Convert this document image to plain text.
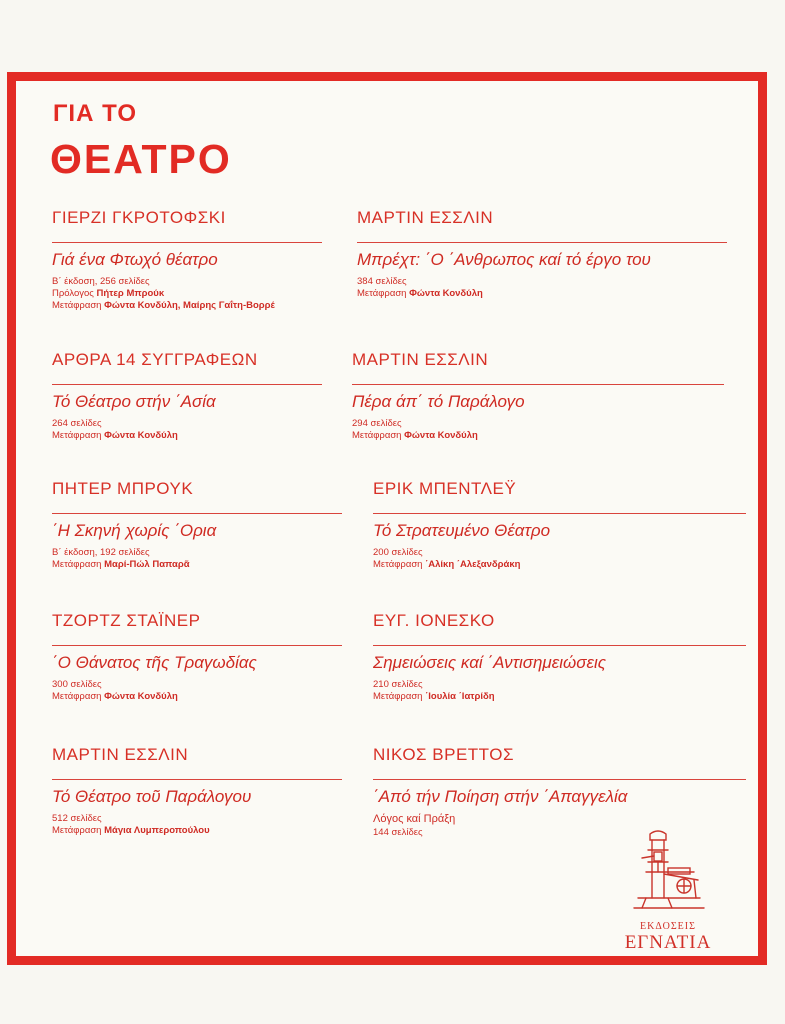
ΓΙΑ ΤΟ
ΘΕΑΤΡΟ
ΓΙΕΡΖΙ ΓΚΡΟΤΟΦΣΚΙ
Γιά ένα Φτωχό θέατρο
Β΄ έκδοση, 256 σελίδες
Πρόλογος Πήτερ Μπρούκ
Μετάφραση Φώντα Κονδύλη, Μαίρης Γαΐτη-Βορρέ
ΑΡΘΡΑ 14 ΣΥΓΓΡΑΦΕΩΝ
Τό Θέατρο στήν ΄Ασία
264 σελίδες
Μετάφραση Φώντα Κονδύλη
ΠΗΤΕΡ ΜΠΡΟΥΚ
΄Η Σκηνή χωρίς ΄Ορια
Β΄ έκδοση, 192 σελίδες
Μετάφραση Μαρί-Πώλ Παπαρᾶ
ΤΖΟΡΤΖ ΣΤΑΪΝΕΡ
΄Ο Θάνατος τῆς Τραγωδίας
300 σελίδες
Μετάφραση Φώντα Κονδύλη
ΜΑΡΤΙΝ ΕΣΣΛΙΝ
Τό Θέατρο τοῦ Παράλογου
512 σελίδες
Μετάφραση Μάγια Λυμπεροπούλου
ΜΑΡΤΙΝ ΕΣΣΛΙΝ
Μπρέχτ: ΄Ο ΄Ανθρωπος καί τό έργο του
384 σελίδες
Μετάφραση Φώντα Κονδύλη
ΜΑΡΤΙΝ ΕΣΣΛΙΝ
Πέρα άπ΄ τό Παράλογο
294 σελίδες
Μετάφραση Φώντα Κονδύλη
ΕΡΙΚ ΜΠΕΝΤΛΕΫ
Τό Στρατευμένο Θέατρο
200 σελίδες
Μετάφραση ΄Αλίκη ΄Αλεξανδράκη
ΕΥΓ. ΙΟΝΕΣΚΟ
Σημειώσεις καί ΄Αντισημειώσεις
210 σελίδες
Μετάφραση ΄Ιουλία ΄Ιατρίδη
ΝΙΚΟΣ ΒΡΕΤΤΟΣ
΄Από τήν Ποίηση στήν ΄Απαγγελία
Λόγος καί Πράξη
144 σελίδες
ΕΚΔΟΣΕΙΣ
ΕΓΝΑΤΙΑ
